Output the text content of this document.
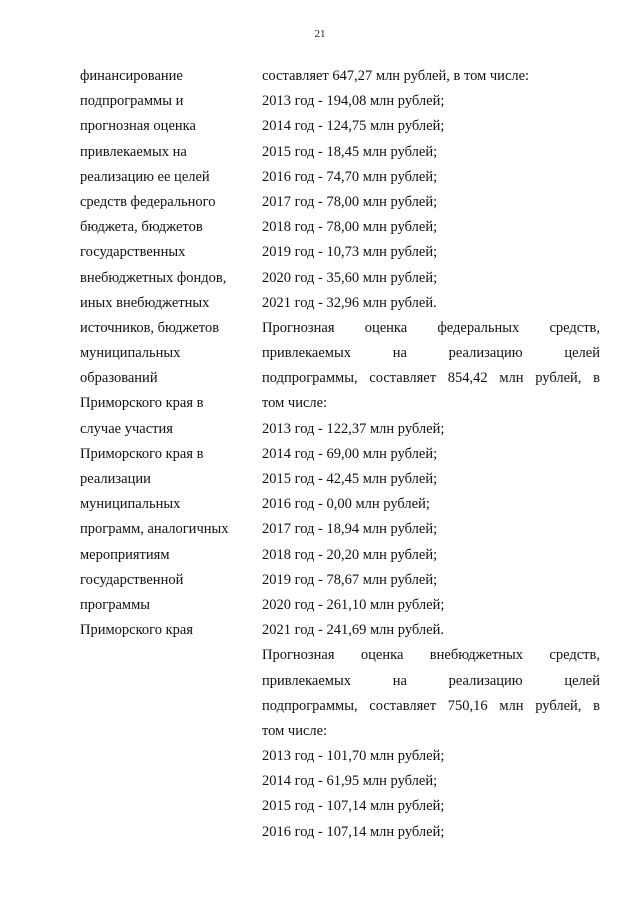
21
финансирование
подпрограммы и
прогнозная оценка
привлекаемых на
реализацию ее целей
средств федерального
бюджета, бюджетов
государственных
внебюджетных фондов,
иных внебюджетных
источников, бюджетов
муниципальных
образований
Приморского края в
случае участия
Приморского края в
реализации
муниципальных
программ, аналогичных
мероприятиям
государственной
программы
Приморского края
составляет 647,27 млн рублей, в том числе:
2013 год - 194,08 млн рублей;
2014 год - 124,75 млн рублей;
2015 год - 18,45 млн рублей;
2016 год - 74,70 млн рублей;
2017 год - 78,00 млн рублей;
2018 год - 78,00 млн рублей;
2019 год - 10,73 млн рублей;
2020 год - 35,60 млн рублей;
2021 год - 32,96 млн рублей.
Прогнозная оценка федеральных средств,
привлекаемых на реализацию целей
подпрограммы, составляет 854,42 млн рублей, в
том числе:
2013 год - 122,37 млн рублей;
2014 год - 69,00 млн рублей;
2015 год - 42,45 млн рублей;
2016 год - 0,00 млн рублей;
2017 год - 18,94 млн рублей;
2018 год - 20,20 млн рублей;
2019 год - 78,67 млн рублей;
2020 год - 261,10 млн рублей;
2021 год - 241,69 млн рублей.
Прогнозная оценка внебюджетных средств,
привлекаемых на реализацию целей
подпрограммы, составляет 750,16 млн рублей, в
том числе:
2013 год - 101,70 млн рублей;
2014 год - 61,95 млн рублей;
2015 год - 107,14 млн рублей;
2016 год - 107,14 млн рублей;
